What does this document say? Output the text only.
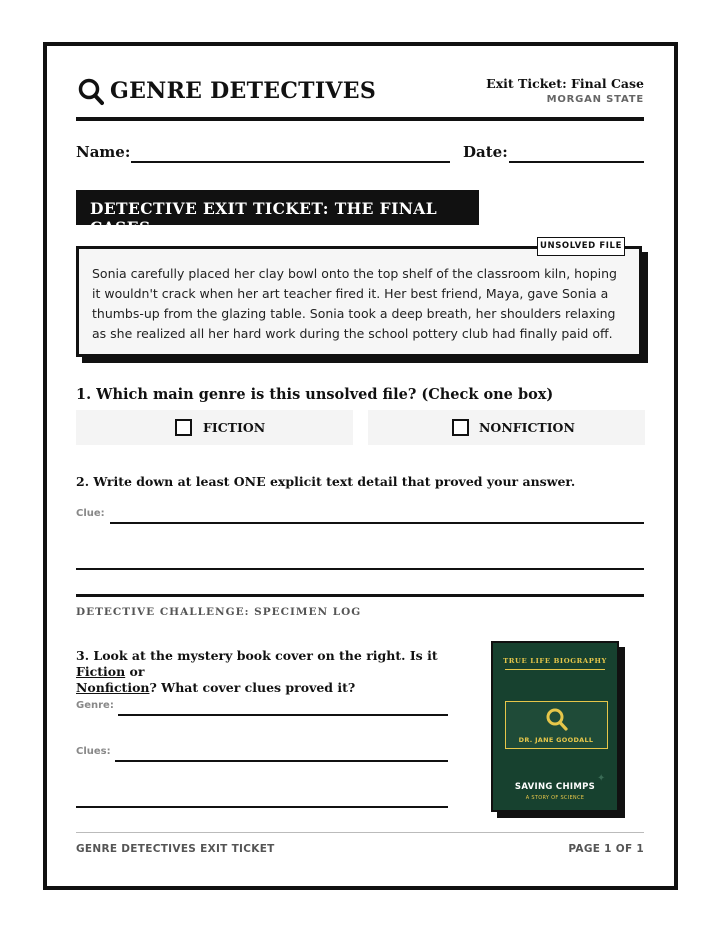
GENRE DETECTIVES	Exit Ticket: Final Case
MORGAN STATE
Name:	Date:
DETECTIVE EXIT TICKET: THE FINAL CASES
Sonia carefully placed her clay bowl onto the top shelf of the classroom kiln, hoping it wouldn't crack when her art teacher fired it. Her best friend, Maya, gave Sonia a thumbs-up from the glazing table. Sonia took a deep breath, her shoulders relaxing as she realized all her hard work during the school pottery club had finally paid off.
UNSOLVED FILE
1. Which main genre is this unsolved file? (Check one box)
FICTION	NONFICTION
2. Write down at least ONE explicit text detail that proved your answer.
Clue:
DETECTIVE CHALLENGE: SPECIMEN LOG
3. Look at the mystery book cover on the right. Is it Fiction or
Nonfiction? What cover clues proved it?
Genre:
Clues:
TRUE LIFE BIOGRAPHY
DR. JANE GOODALL
✦
SAVING CHIMPS
A STORY OF SCIENCE
GENRE DETECTIVES EXIT TICKET	PAGE 1 OF 1
